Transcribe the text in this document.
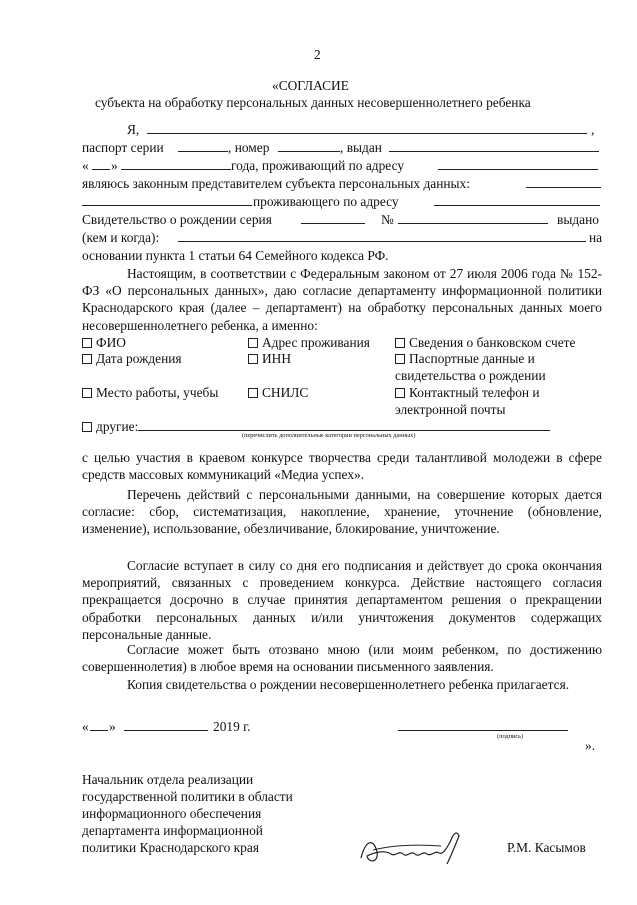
2
«СОГЛАСИЕ
субъекта на обработку персональных данных несовершеннолетнего ребенка
Я,	,
паспорт серии	, номер	, выдан
« »	года, проживающий по адресу
являюсь законным представителем субъекта персональных данных:
проживающего по адресу
Свидетельство о рождении серия	№	выдано
(кем и когда):	на
основании пункта 1 статьи 64 Семейного кодекса РФ.
Настоящим, в соответствии с Федеральным законом от 27 июля 2006 года № 152-ФЗ «О персональных данных», даю согласие департаменту информационной политики Краснодарского края (далее – департамент) на обработку персональных данных моего несовершеннолетнего ребенка, а именно:
ФИО	Адрес проживания	Сведения о банковском счете
Дата рождения	ИНН	Паспортные данные и свидетельства о рождении
Место работы, учебы	СНИЛС	Контактный телефон и электронной почты
другие:
(перечислить дополнительные категории персональных данных)
с целью участия в краевом конкурсе творчества среди талантливой молодежи в сфере средств массовых коммуникаций «Медиа успех».
Перечень действий с персональными данными, на совершение которых дается согласие: сбор, систематизация, накопление, хранение, уточнение (обновление, изменение), использование, обезличивание, блокирование, уничтожение.
Согласие вступает в силу со дня его подписания и действует до срока окончания мероприятий, связанных с проведением конкурса. Действие настоящего согласия прекращается досрочно в случае принятия департаментом решения о прекращении обработки персональных данных и/или уничтожения документов содержащих персональные данные.
Согласие может быть отозвано мною (или моим ребенком, по достижению совершеннолетия) в любое время на основании письменного заявления.
Копия свидетельства о рождении несовершеннолетнего ребенка прилагается.
« »	2019 г.
(подпись)
».
Начальник отдела реализации
государственной политики в области
информационного обеспечения
департамента информационной
политики Краснодарского края	Р.М. Касымов
